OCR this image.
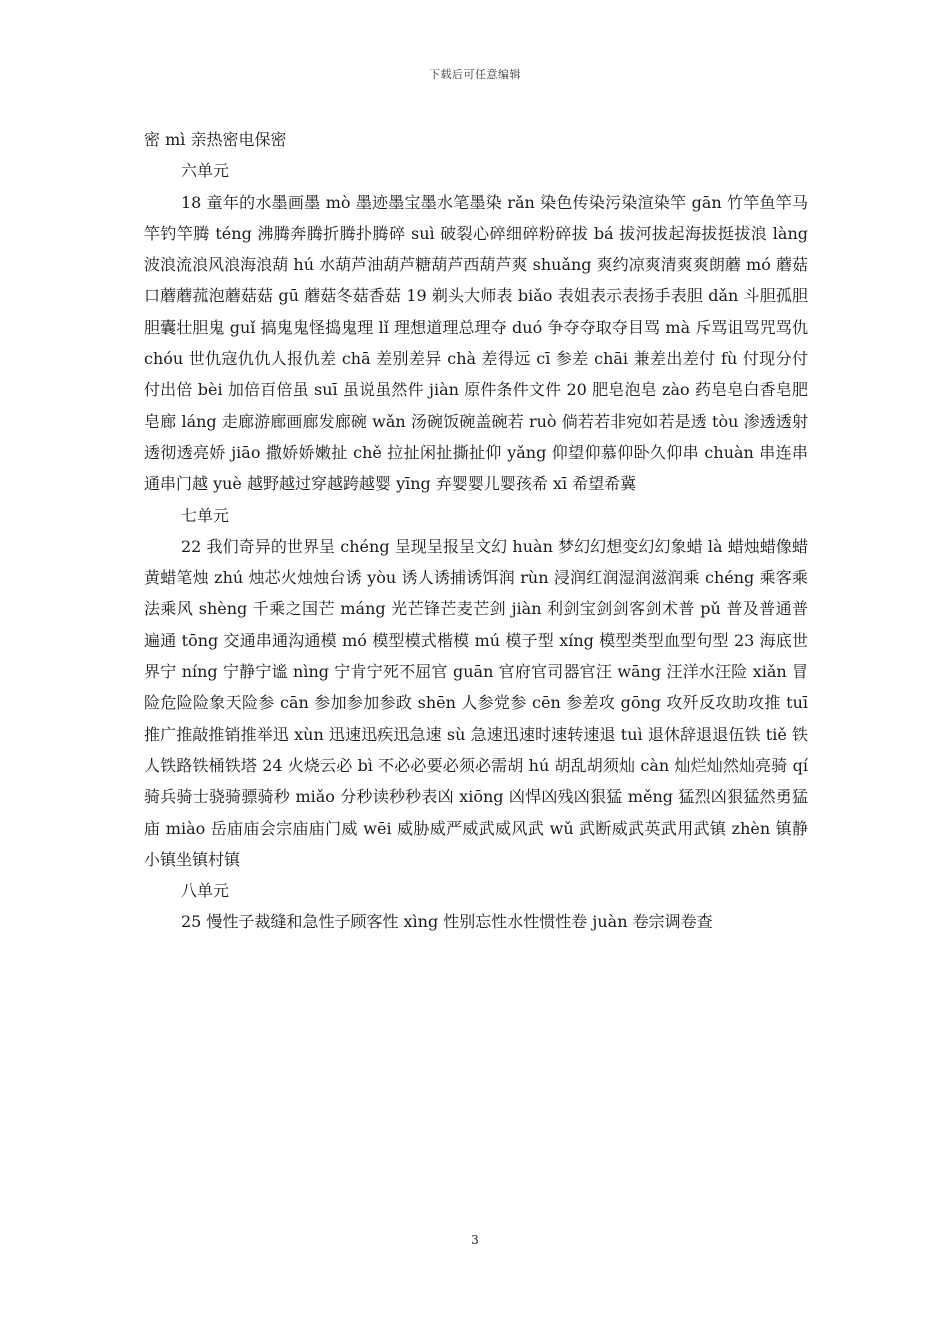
下载后可任意编辑

密 mì 亲热密电保密

六单元

18 童年的水墨画墨 mò 墨迹墨宝墨水笔墨染 rǎn 染色传染污染渲染竿 gān 竹竿鱼竿马竿钓竿腾 téng 沸腾奔腾折腾扑腾碎 suì 破裂心碎细碎粉碎拔 bá 拔河拔起海拔挺拔浪 làng 波浪流浪风浪海浪葫 hú 水葫芦油葫芦糖葫芦西葫芦爽 shuǎng 爽约凉爽清爽爽朗蘑 mó 蘑菇口蘑蘑菰泡蘑菇菇 gū 蘑菇冬菇香菇 19 剃头大师表 biǎo 表姐表示表扬手表胆 dǎn 斗胆孤胆胆囊壮胆鬼 guǐ 搞鬼鬼怪捣鬼理 lǐ 理想道理总理夺 duó 争夺夺取夺目骂 mà 斥骂诅骂咒骂仇 chóu 世仇寇仇仇人报仇差 chā 差别差异 chà 差得远 cī 参差 chāi 兼差出差付 fù 付现分付付出倍 bèi 加倍百倍虽 suī 虽说虽然件 jiàn 原件条件文件 20 肥皂泡皂 zào 药皂皂白香皂肥皂廊 láng 走廊游廊画廊发廊碗 wǎn 汤碗饭碗盖碗若 ruò 倘若若非宛如若是透 tòu 渗透透射透彻透亮娇 jiāo 撒娇娇嫩扯 chě 拉扯闲扯撕扯仰 yǎng 仰望仰慕仰卧久仰串 chuàn 串连串通串门越 yuè 越野越过穿越跨越婴 yīng 弃婴婴儿婴孩希 xī 希望希冀

七单元

22 我们奇异的世界呈 chéng 呈现呈报呈文幻 huàn 梦幻幻想变幻幻象蜡 là 蜡烛蜡像蜡黄蜡笔烛 zhú 烛芯火烛烛台诱 yòu 诱人诱捕诱饵润 rùn 浸润红润湿润滋润乘 chéng 乘客乘法乘风 shèng 千乘之国芒 máng 光芒锋芒麦芒剑 jiàn 利剑宝剑剑客剑术普 pǔ 普及普通普遍通 tōng 交通串通沟通模 mó 模型模式楷模 mú 模子型 xíng 模型类型血型句型 23 海底世界宁 níng 宁静宁谧 nìng 宁肯宁死不屈官 guān 官府官司器官汪 wāng 汪洋水汪险 xiǎn 冒险危险险象天险参 cān 参加参加参政 shēn 人参党参 cēn 参差攻 gōng 攻歼反攻助攻推 tuī 推广推敲推销推举迅 xùn 迅速迅疾迅急速 sù 急速迅速时速转速退 tuì 退休辞退退伍铁 tiě 铁人铁路铁桶铁塔 24 火烧云必 bì 不必必要必须必需胡 hú 胡乱胡须灿 càn 灿烂灿然灿亮骑 qí 骑兵骑士骁骑骠骑秒 miǎo 分秒读秒秒表凶 xiōng 凶悍凶残凶狠猛 měng 猛烈凶狠猛然勇猛庙 miào 岳庙庙会宗庙庙门威 wēi 威胁威严威武威风武 wǔ 武断威武英武用武镇 zhèn 镇静小镇坐镇村镇

八单元

25 慢性子裁缝和急性子顾客性 xìng 性别忘性水性惯性卷 juàn 卷宗调卷查

3
